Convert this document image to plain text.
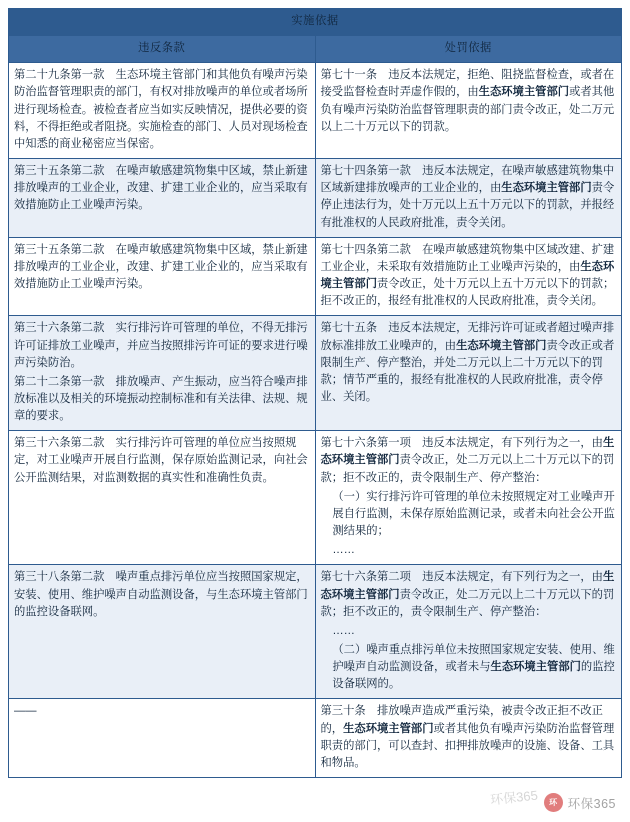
实施依据	
违反条款	处罚依据

第二十九条第一款　生态环境主管部门和其他负有噪声污染防治监督管理职责的部门，有权对排放噪声的单位或者场所进行现场检查。被检查者应当如实反映情况，提供必要的资料，不得拒绝或者阻挠。实施检查的部门、人员对现场检查中知悉的商业秘密应当保密。	第七十一条　违反本法规定，拒绝、阻挠监督检查，或者在接受监督检查时弄虚作假的，由生态环境主管部门或者其他负有噪声污染防治监督管理职责的部门责令改正，处二万元以上二十万元以下的罚款。

第三十五条第二款　在噪声敏感建筑物集中区域，禁止新建排放噪声的工业企业，改建、扩建工业企业的，应当采取有效措施防止工业噪声污染。	第七十四条第一款　违反本法规定，在噪声敏感建筑物集中区域新建排放噪声的工业企业的，由生态环境主管部门责令停止违法行为，处十万元以上五十万元以下的罚款，并报经有批准权的人民政府批准，责令关闭。

第三十五条第二款　在噪声敏感建筑物集中区域，禁止新建排放噪声的工业企业，改建、扩建工业企业的，应当采取有效措施防止工业噪声污染。	第七十四条第二款　在噪声敏感建筑物集中区域改建、扩建工业企业，未采取有效措施防止工业噪声污染的，由生态环境主管部门责令改正，处十万元以上五十万元以下的罚款；拒不改正的，报经有批准权的人民政府批准，责令关闭。

第三十六条第二款　实行排污许可管理的单位，不得无排污许可证排放工业噪声，并应当按照排污许可证的要求进行噪声污染防治。
第二十二条第一款　排放噪声、产生振动，应当符合噪声排放标准以及相关的环境振动控制标准和有关法律、法规、规章的要求。	第七十五条　违反本法规定，无排污许可证或者超过噪声排放标准排放工业噪声的，由生态环境主管部门责令改正或者限制生产、停产整治，并处二万元以上二十万元以下的罚款；情节严重的，报经有批准权的人民政府批准，责令停业、关闭。

第三十六条第二款　实行排污许可管理的单位应当按照规定，对工业噪声开展自行监测，保存原始监测记录，向社会公开监测结果，对监测数据的真实性和准确性负责。	第七十六条第一项　违反本法规定，有下列行为之一，由生态环境主管部门责令改正，处二万元以上二十万元以下的罚款；拒不改正的，责令限制生产、停产整治：
（一）实行排污许可管理的单位未按照规定对工业噪声开展自行监测，未保存原始监测记录，或者未向社会公开监测结果的；
……

第三十八条第二款　噪声重点排污单位应当按照国家规定，安装、使用、维护噪声自动监测设备，与生态环境主管部门的监控设备联网。	第七十六条第二项　违反本法规定，有下列行为之一，由生态环境主管部门责令改正，处二万元以上二十万元以下的罚款；拒不改正的，责令限制生产、停产整治：
……
（二）噪声重点排污单位未按照国家规定安装、使用、维护噪声自动监测设备，或者未与生态环境主管部门的监控设备联网的。

——	第三十条　排放噪声造成严重污染，被责令改正拒不改正的，生态环境主管部门或者其他负有噪声污染防治监督管理职责的部门，可以查封、扣押排放噪声的设施、设备、工具和物品。
环保365	环 环保365
